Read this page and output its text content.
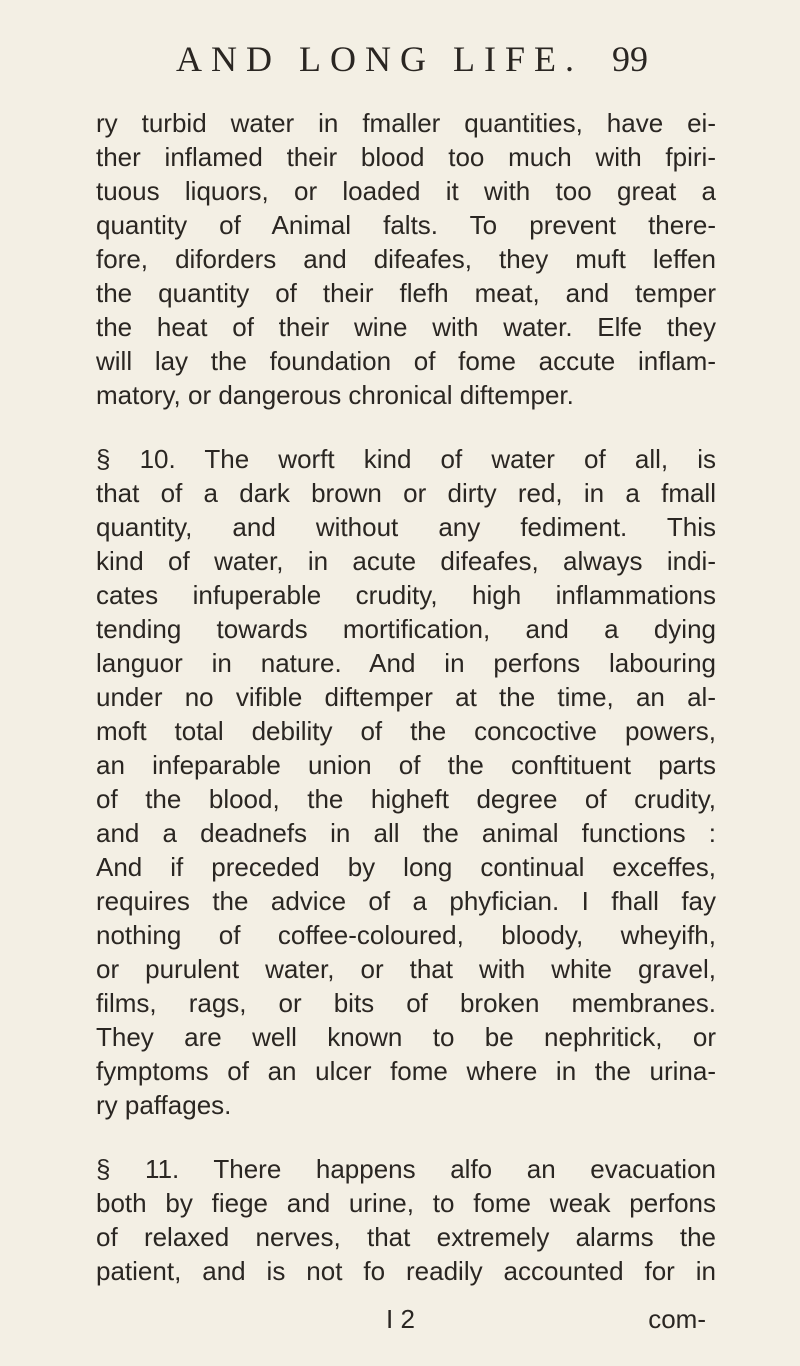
AND LONG LIFE. 99
ry turbid water in fmaller quantities, have ei-
ther inflamed their blood too much with fpiri-
tuous liquors, or loaded it with too great a
quantity of Animal falts. To prevent there-
fore, diforders and difeafes, they muft leffen
the quantity of their flefh meat, and temper
the heat of their wine with water. Elfe they
will lay the foundation of fome accute inflam-
matory, or dangerous chronical diftemper.
§ 10. The worft kind of water of all, is
that of a dark brown or dirty red, in a fmall
quantity, and without any fediment. This
kind of water, in acute difeafes, always indi-
cates infuperable crudity, high inflammations
tending towards mortification, and a dying
languor in nature. And in perfons labouring
under no vifible diftemper at the time, an al-
moft total debility of the concoctive powers,
an infeparable union of the conftituent parts
of the blood, the higheft degree of crudity,
and a deadnefs in all the animal functions :
And if preceded by long continual exceffes,
requires the advice of a phyfician. I fhall fay
nothing of coffee-coloured, bloody, wheyifh,
or purulent water, or that with white gravel,
films, rags, or bits of broken membranes.
They are well known to be nephritick, or
fymptoms of an ulcer fome where in the urina-
ry paffages.
§ 11. There happens alfo an evacuation
both by fiege and urine, to fome weak perfons
of relaxed nerves, that extremely alarms the
patient, and is not fo readily accounted for in
I 2	com-
